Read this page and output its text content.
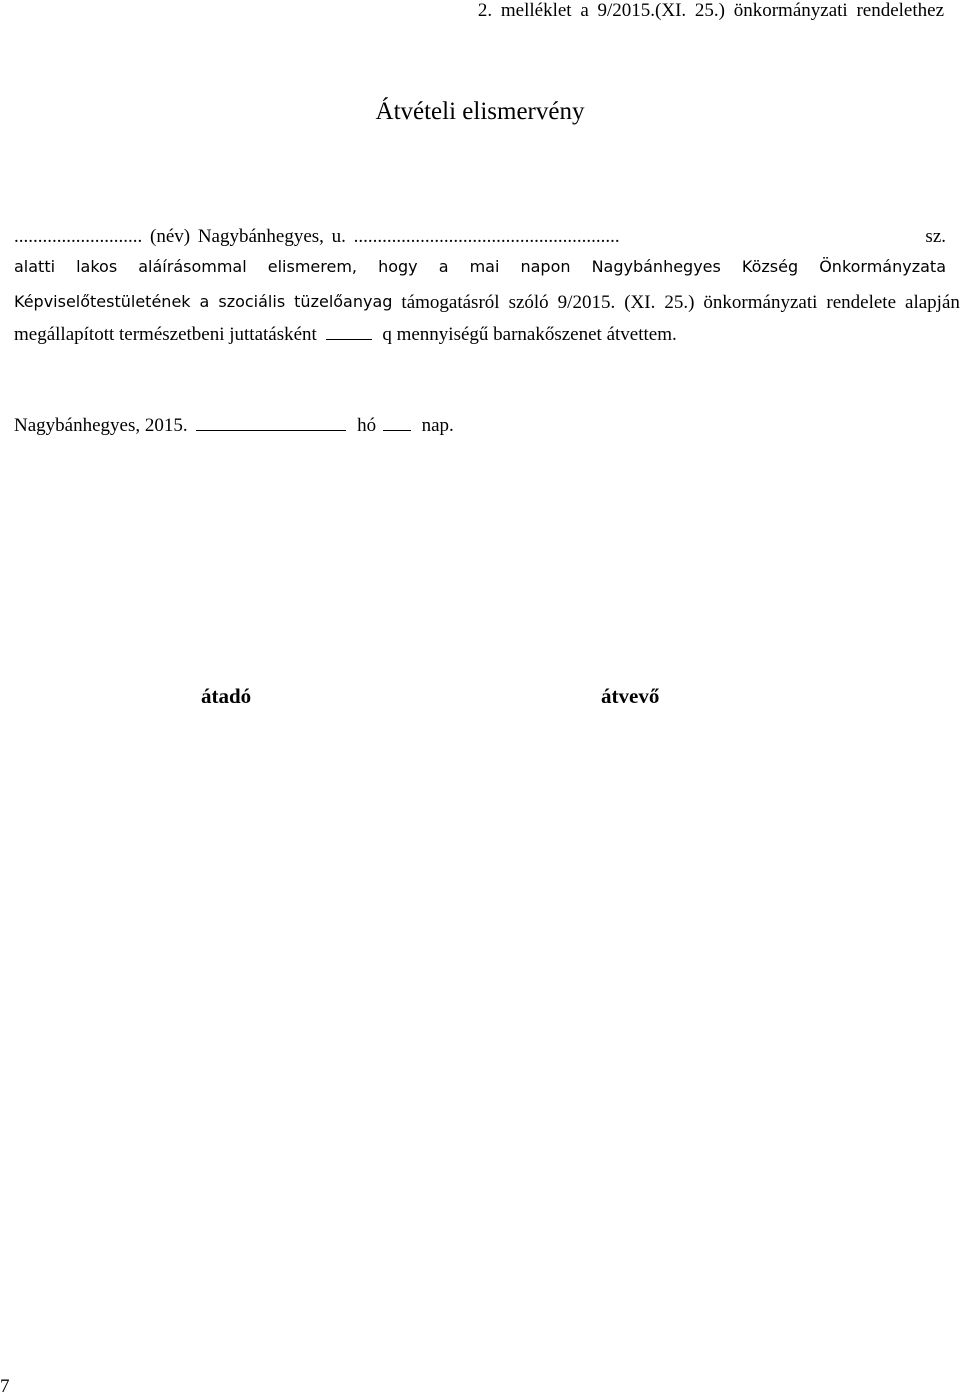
2. melléklet a 9/2015.(XI. 25.) önkormányzati rendelethez
Átvételi elismervény
........................... (név) Nagybánhegyes, u. ........................................................	sz.
alatti lakos aláírásommal elismerem, hogy a mai napon Nagybánhegyes Község Önkormányzata
Képviselőtestületének a szociális tüzelőanyag támogatásról szóló 9/2015. (XI. 25.) önkormányzati rendelete alapján
megállapított természetbeni juttatásként	q mennyiségű barnakőszenet átvettem.
Nagybánhegyes, 2015.	hó nap.
átadó	átvevő
7
